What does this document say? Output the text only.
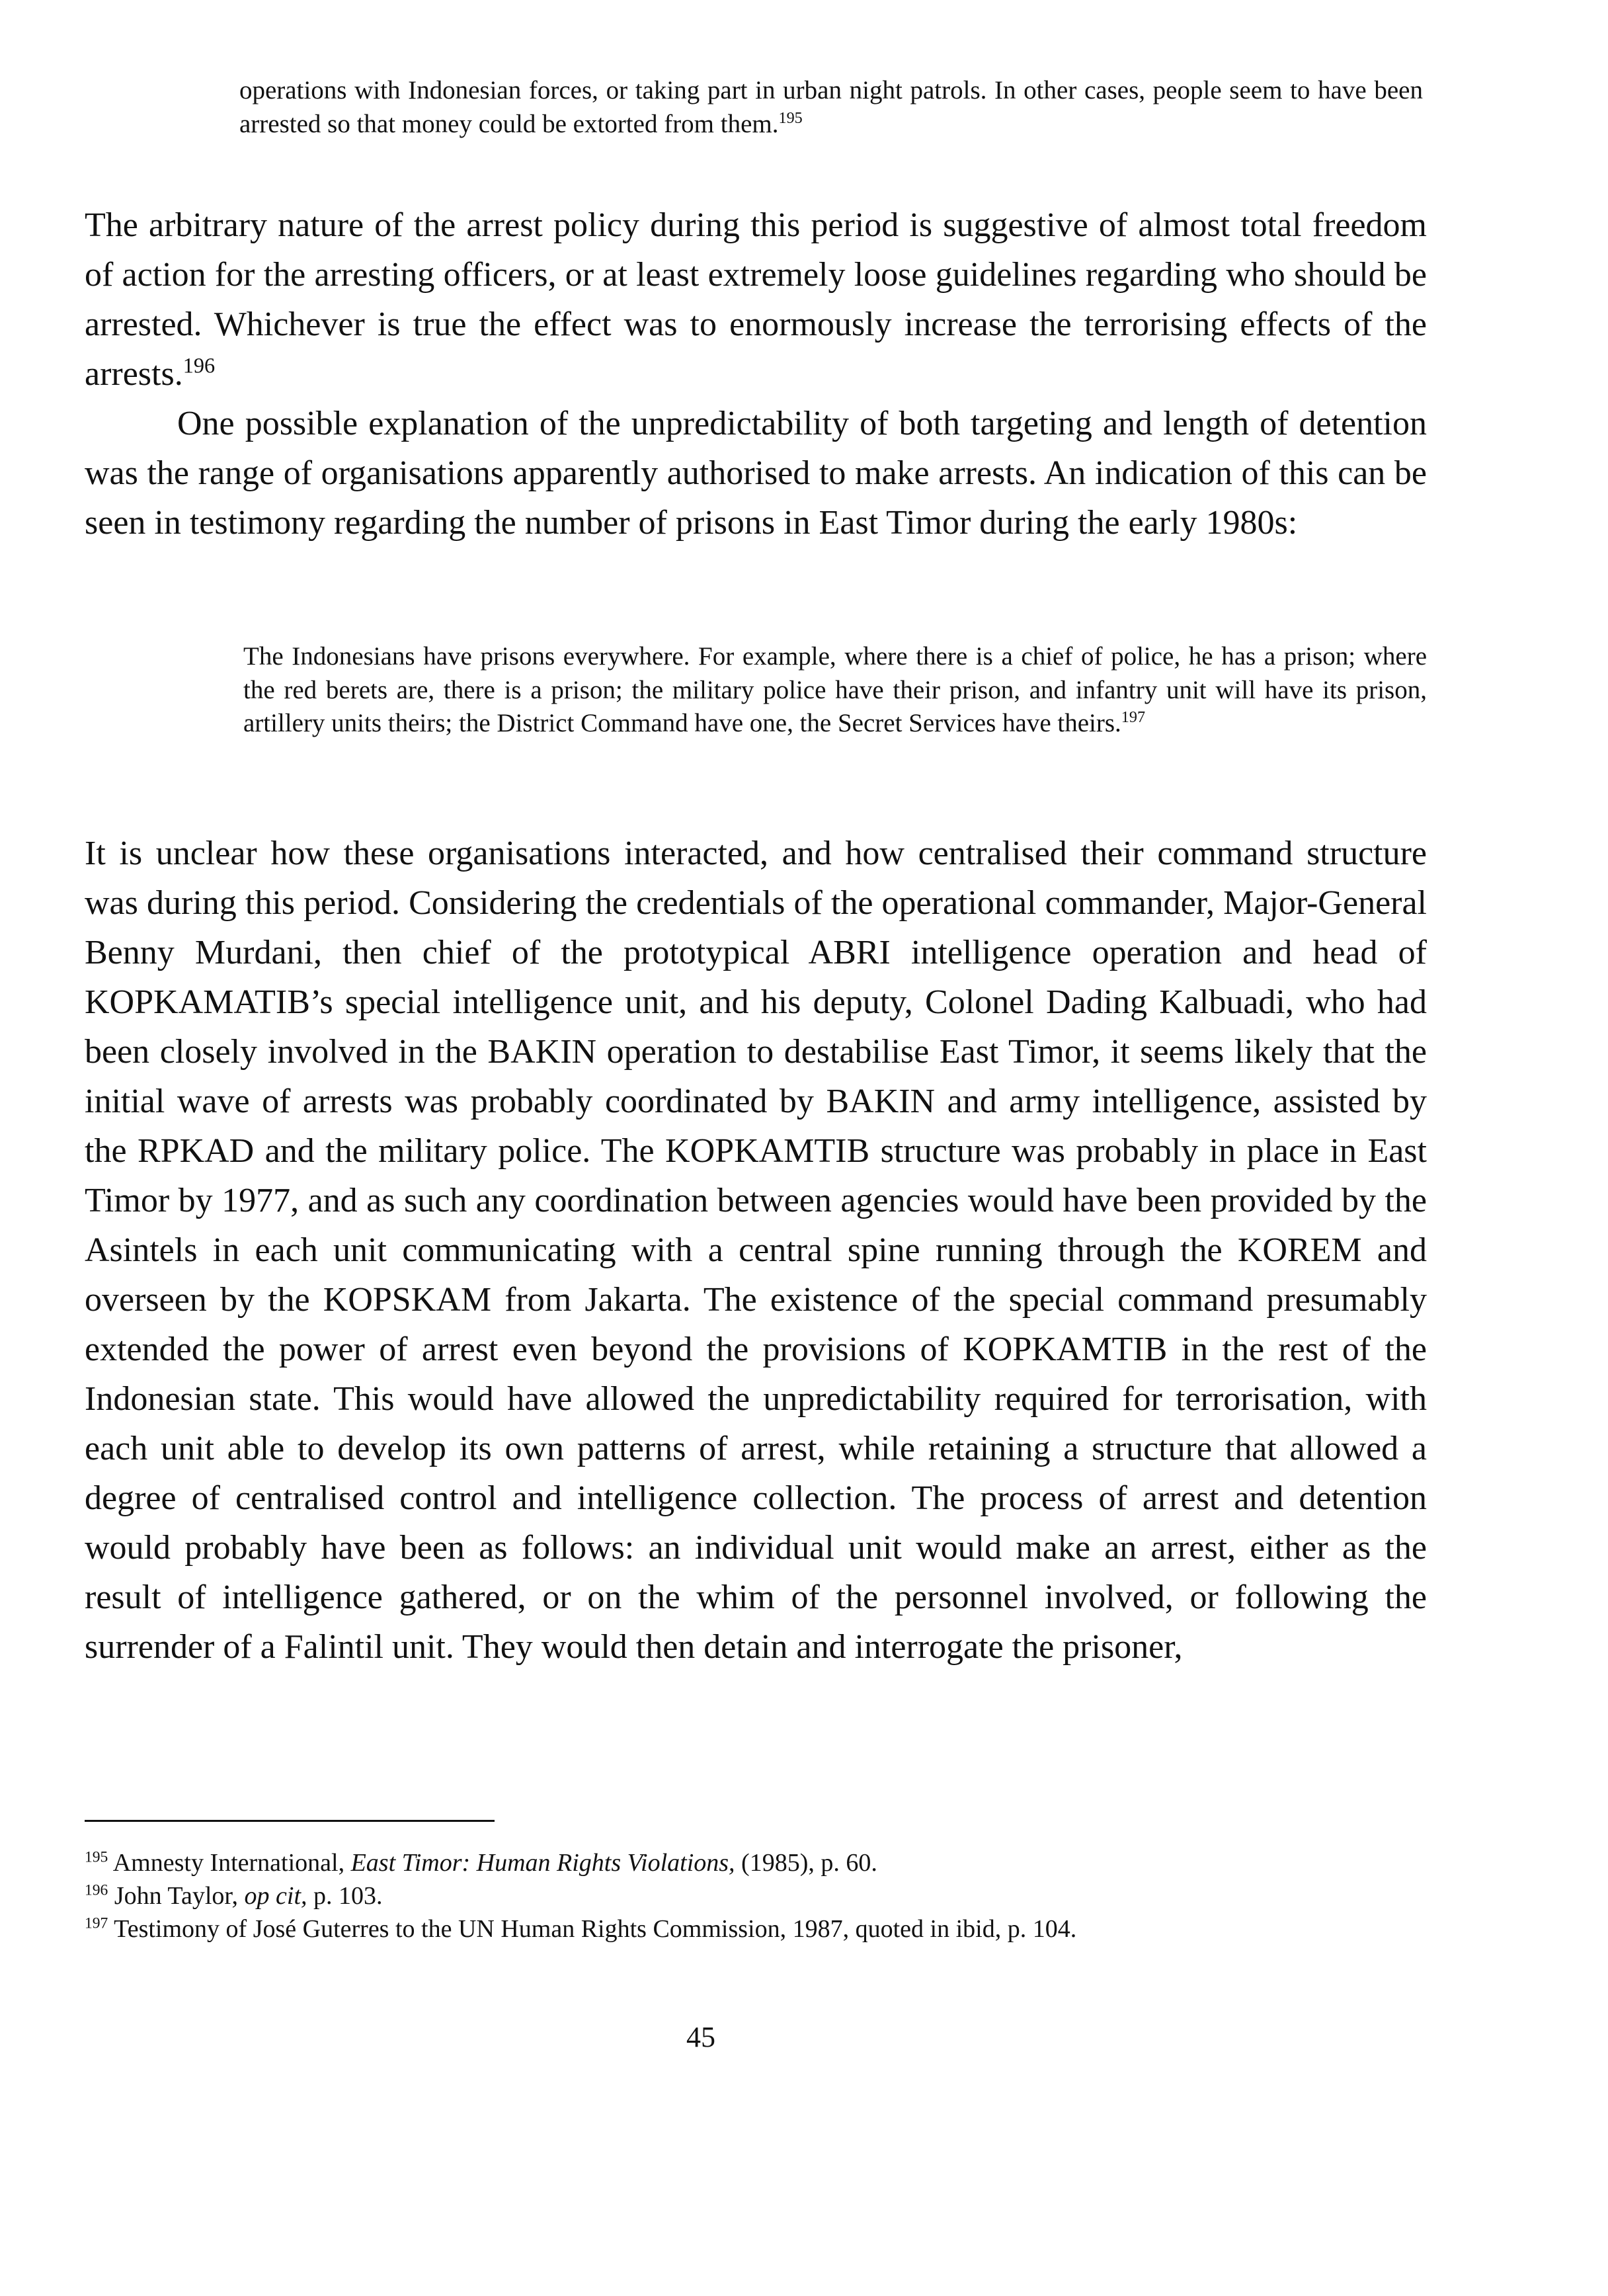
operations with Indonesian forces, or taking part in urban night patrols. In other cases, people seem to have been arrested so that money could be extorted from them.$^{195}$

The arbitrary nature of the arrest policy during this period is suggestive of almost total freedom of action for the arresting officers, or at least extremely loose guidelines regarding who should be arrested. Whichever is true the effect was to enormously increase the terrorising effects of the arrests.$^{196}$

One possible explanation of the unpredictability of both targeting and length of detention was the range of organisations apparently authorised to make arrests. An indication of this can be seen in testimony regarding the number of prisons in East Timor during the early 1980s:

The Indonesians have prisons everywhere. For example, where there is a chief of police, he has a prison; where the red berets are, there is a prison; the military police have their prison, and infantry unit will have its prison, artillery units theirs; the District Command have one, the Secret Services have theirs.$^{197}$

It is unclear how these organisations interacted, and how centralised their command structure was during this period. Considering the credentials of the operational commander, Major-General Benny Murdani, then chief of the prototypical ABRI intelligence operation and head of KOPKAMATIB’s special intelligence unit, and his deputy, Colonel Dading Kalbuadi, who had been closely involved in the BAKIN operation to destabilise East Timor, it seems likely that the initial wave of arrests was probably coordinated by BAKIN and army intelligence, assisted by the RPKAD and the military police. The KOPKAMTIB structure was probably in place in East Timor by 1977, and as such any coordination between agencies would have been provided by the Asintels in each unit communicating with a central spine running through the KOREM and overseen by the KOPSKAM from Jakarta. The existence of the special command presumably extended the power of arrest even beyond the provisions of KOPKAMTIB in the rest of the Indonesian state. This would have allowed the unpredictability required for terrorisation, with each unit able to develop its own patterns of arrest, while retaining a structure that allowed a degree of centralised control and intelligence collection. The process of arrest and detention would probably have been as follows: an individual unit would make an arrest, either as the result of intelligence gathered, or on the whim of the personnel involved, or following the surrender of a Falintil unit. They would then detain and interrogate the prisoner,

$^{195}$ Amnesty International, East Timor: Human Rights Violations, (1985), p. 60.
$^{196}$ John Taylor, op cit, p. 103.
$^{197}$ Testimony of José Guterres to the UN Human Rights Commission, 1987, quoted in ibid, p. 104.
45
